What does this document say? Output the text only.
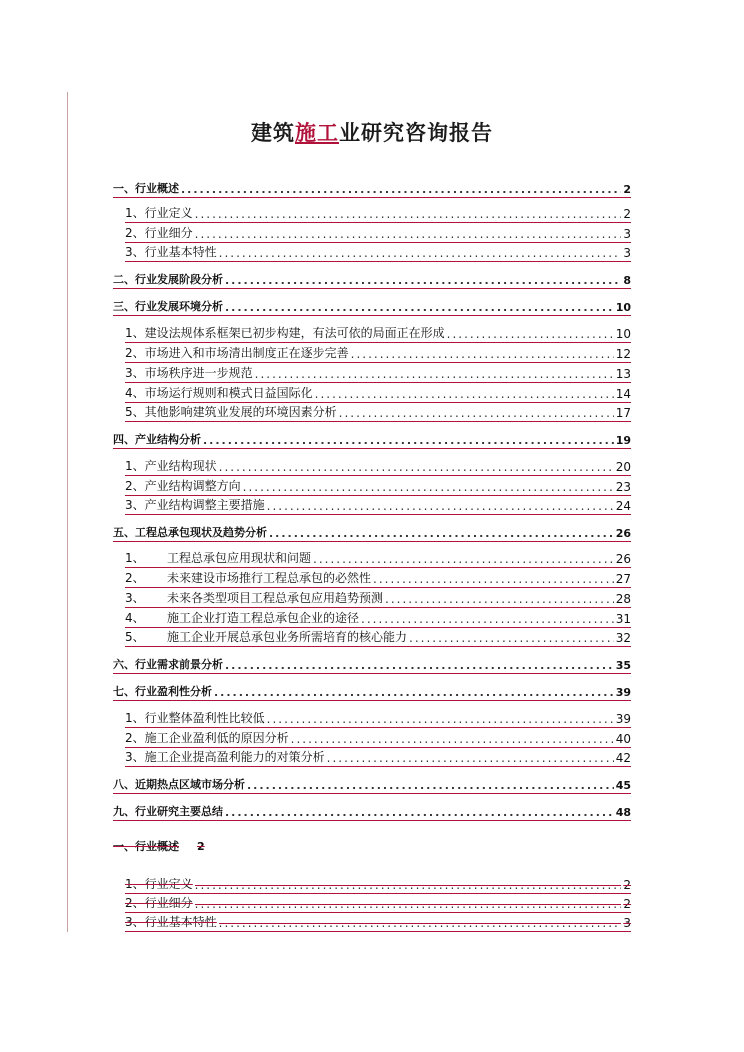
建筑施工业研究咨询报告
一、行业概述 .....	2
1、行业定义 .....	2
2、行业细分 .....	3
3、行业基本特性 .....	3
二、行业发展阶段分析 .....	8
三、行业发展环境分析 .....	10
1、建设法规体系框架已初步构建，有法可依的局面正在形成 .....	10
2、市场进入和市场清出制度正在逐步完善 .....	12
3、市场秩序进一步规范 .....	13
4、市场运行规则和模式日益国际化 .....	14
5、其他影响建筑业发展的环境因素分析 .....	17
四、产业结构分析 .....	19
1、产业结构现状 .....	20
2、产业结构调整方向 .....	23
3、产业结构调整主要措施 .....	24
五、工程总承包现状及趋势分析 .....	26
1、 工程总承包应用现状和问题 .....	26
2、 未来建设市场推行工程总承包的必然性 .....	27
3、 未来各类型项目工程总承包应用趋势预测 .....	28
4、 施工企业打造工程总承包企业的途径 .....	31
5、 施工企业开展总承包业务所需培育的核心能力 .....	32
六、行业需求前景分析 .....	35
七、行业盈利性分析 .....	39
1、行业整体盈利性比较低 .....	39
2、施工企业盈利低的原因分析 .....	40
3、施工企业提高盈利能力的对策分析 .....	42
八、近期热点区域市场分析 .....	45
九、行业研究主要总结 .....	48
一、行业概述 2
1、行业定义 .....	2
2、行业细分 .....	2
3、行业基本特性 .....	3
